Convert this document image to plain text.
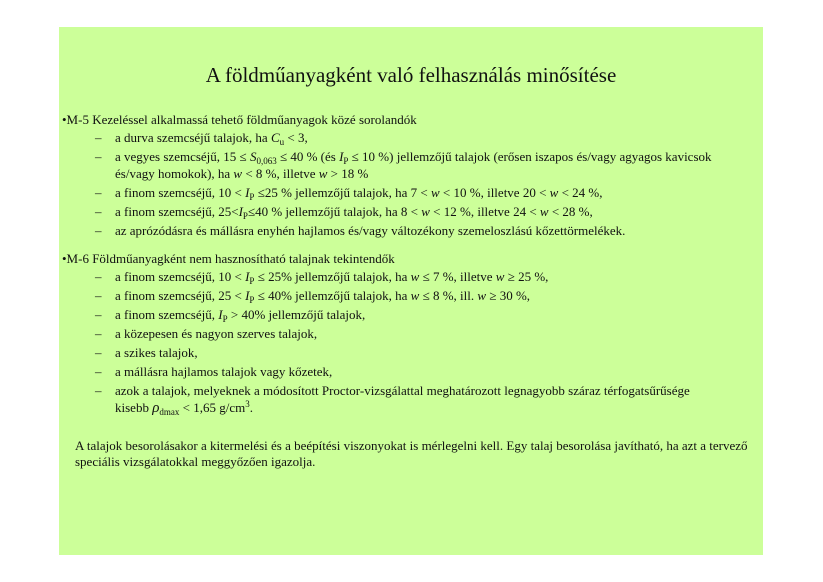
A földműanyagként való felhasználás minősítése
•M-5 Kezeléssel alkalmassá tehető földműanyagok közé sorolandók
– a durva szemcséjű talajok, ha $C_u < 3$,
– a vegyes szemcséjű, $15 \le S_{0,063} \le 40$ % (és $I_P \le 10$ %) jellemzőjű talajok (erősen iszapos és/vagy agyagos kavicsok és/vagy homokok), ha w < 8 %, illetve w > 18 %
– a finom szemcséjű, $10 < I_P \le 25$ % jellemzőjű talajok, ha 7 < w < 10 %, illetve 20 < w < 24 %,
– a finom szemcséjű, $25<I_P\le 40$ % jellemzőjű talajok, ha 8 < w < 12 %, illetve 24 < w < 28 %,
– az aprózódásra és mállásra enyhén hajlamos és/vagy változékony szemeloszlású kőzettörmelékek.
•M-6 Földműanyagként nem hasznosítható talajnak tekintendők
– a finom szemcséjű, $10 < I_P \le 25\%$ jellemzőjű talajok, ha w ≤ 7 %, illetve w ≥ 25 %,
– a finom szemcséjű, $25 < I_P \le 40\%$ jellemzőjű talajok, ha w ≤ 8 %, ill. w ≥ 30 %,
– a finom szemcséjű, $I_P > 40\%$ jellemzőjű talajok,
– a közepesen és nagyon szerves talajok,
– a szikes talajok,
– a mállásra hajlamos talajok vagy kőzetek,
– azok a talajok, melyeknek a módosított Proctor-vizsgálattal meghatározott legnagyobb száraz térfogatsűrűsége kisebb $\rho_{dmax} < 1,65$ $g/cm^3$.
A talajok besorolásakor a kitermelési és a beépítési viszonyokat is mérlegelni kell. Egy talaj besorolása javítható, ha azt a tervező speciális vizsgálatokkal meggyőzően igazolja.
